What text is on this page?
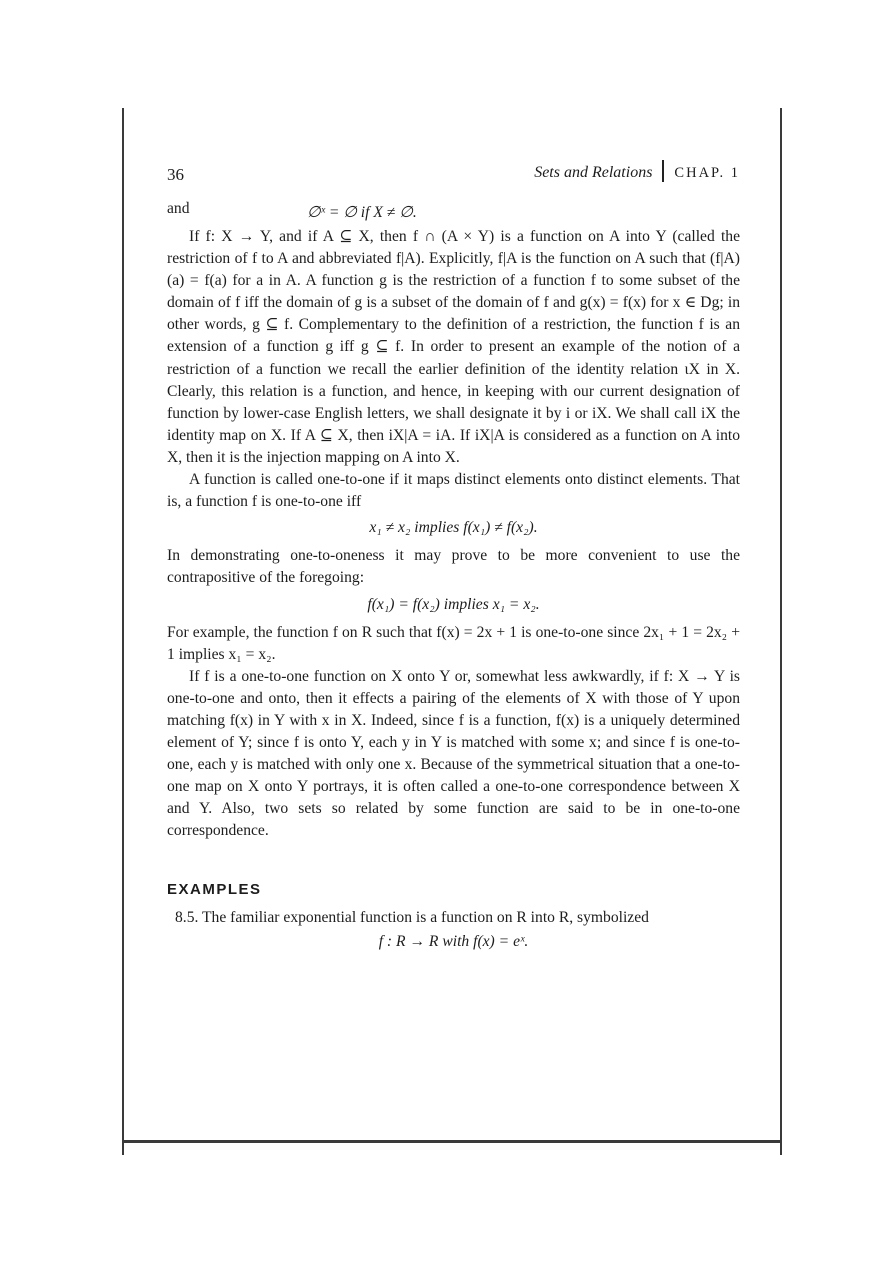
36	Sets and Relations CHAP. 1
and	∅ˣ = ∅ if X ≠ ∅.

If f: X → Y, and if A ⊆ X, then f ∩ (A × Y) is a function on A into Y (called the restriction of f to A and abbreviated f|A). Explicitly, f|A is the function on A such that (f|A)(a) = f(a) for a in A. A function g is the restriction of a function f to some subset of the domain of f iff the domain of g is a subset of the domain of f and g(x) = f(x) for x ∈ Dg; in other words, g ⊆ f. Complementary to the definition of a restriction, the function f is an extension of a function g iff g ⊆ f. In order to present an example of the notion of a restriction of a function we recall the earlier definition of the identity relation ιX in X. Clearly, this relation is a function, and hence, in keeping with our current designation of function by lower-case English letters, we shall designate it by i or iX. We shall call iX the identity map on X. If A ⊆ X, then iX|A = iA. If iX|A is considered as a function on A into X, then it is the injection mapping on A into X.

A function is called one-to-one if it maps distinct elements onto distinct elements. That is, a function f is one-to-one iff

x₁ ≠ x₂ implies f(x₁) ≠ f(x₂).

In demonstrating one-to-oneness it may prove to be more convenient to use the contrapositive of the foregoing:

f(x₁) = f(x₂) implies x₁ = x₂.

For example, the function f on R such that f(x) = 2x + 1 is one-to-one since 2x₁ + 1 = 2x₂ + 1 implies x₁ = x₂.

If f is a one-to-one function on X onto Y or, somewhat less awkwardly, if f: X → Y is one-to-one and onto, then it effects a pairing of the elements of X with those of Y upon matching f(x) in Y with x in X. Indeed, since f is a function, f(x) is a uniquely determined element of Y; since f is onto Y, each y in Y is matched with some x; and since f is one-to-one, each y is matched with only one x. Because of the symmetrical situation that a one-to-one map on X onto Y portrays, it is often called a one-to-one correspondence between X and Y. Also, two sets so related by some function are said to be in one-to-one correspondence.

EXAMPLES

8.5. The familiar exponential function is a function on R into R, symbolized

f : R → R with f(x) = eˣ.
